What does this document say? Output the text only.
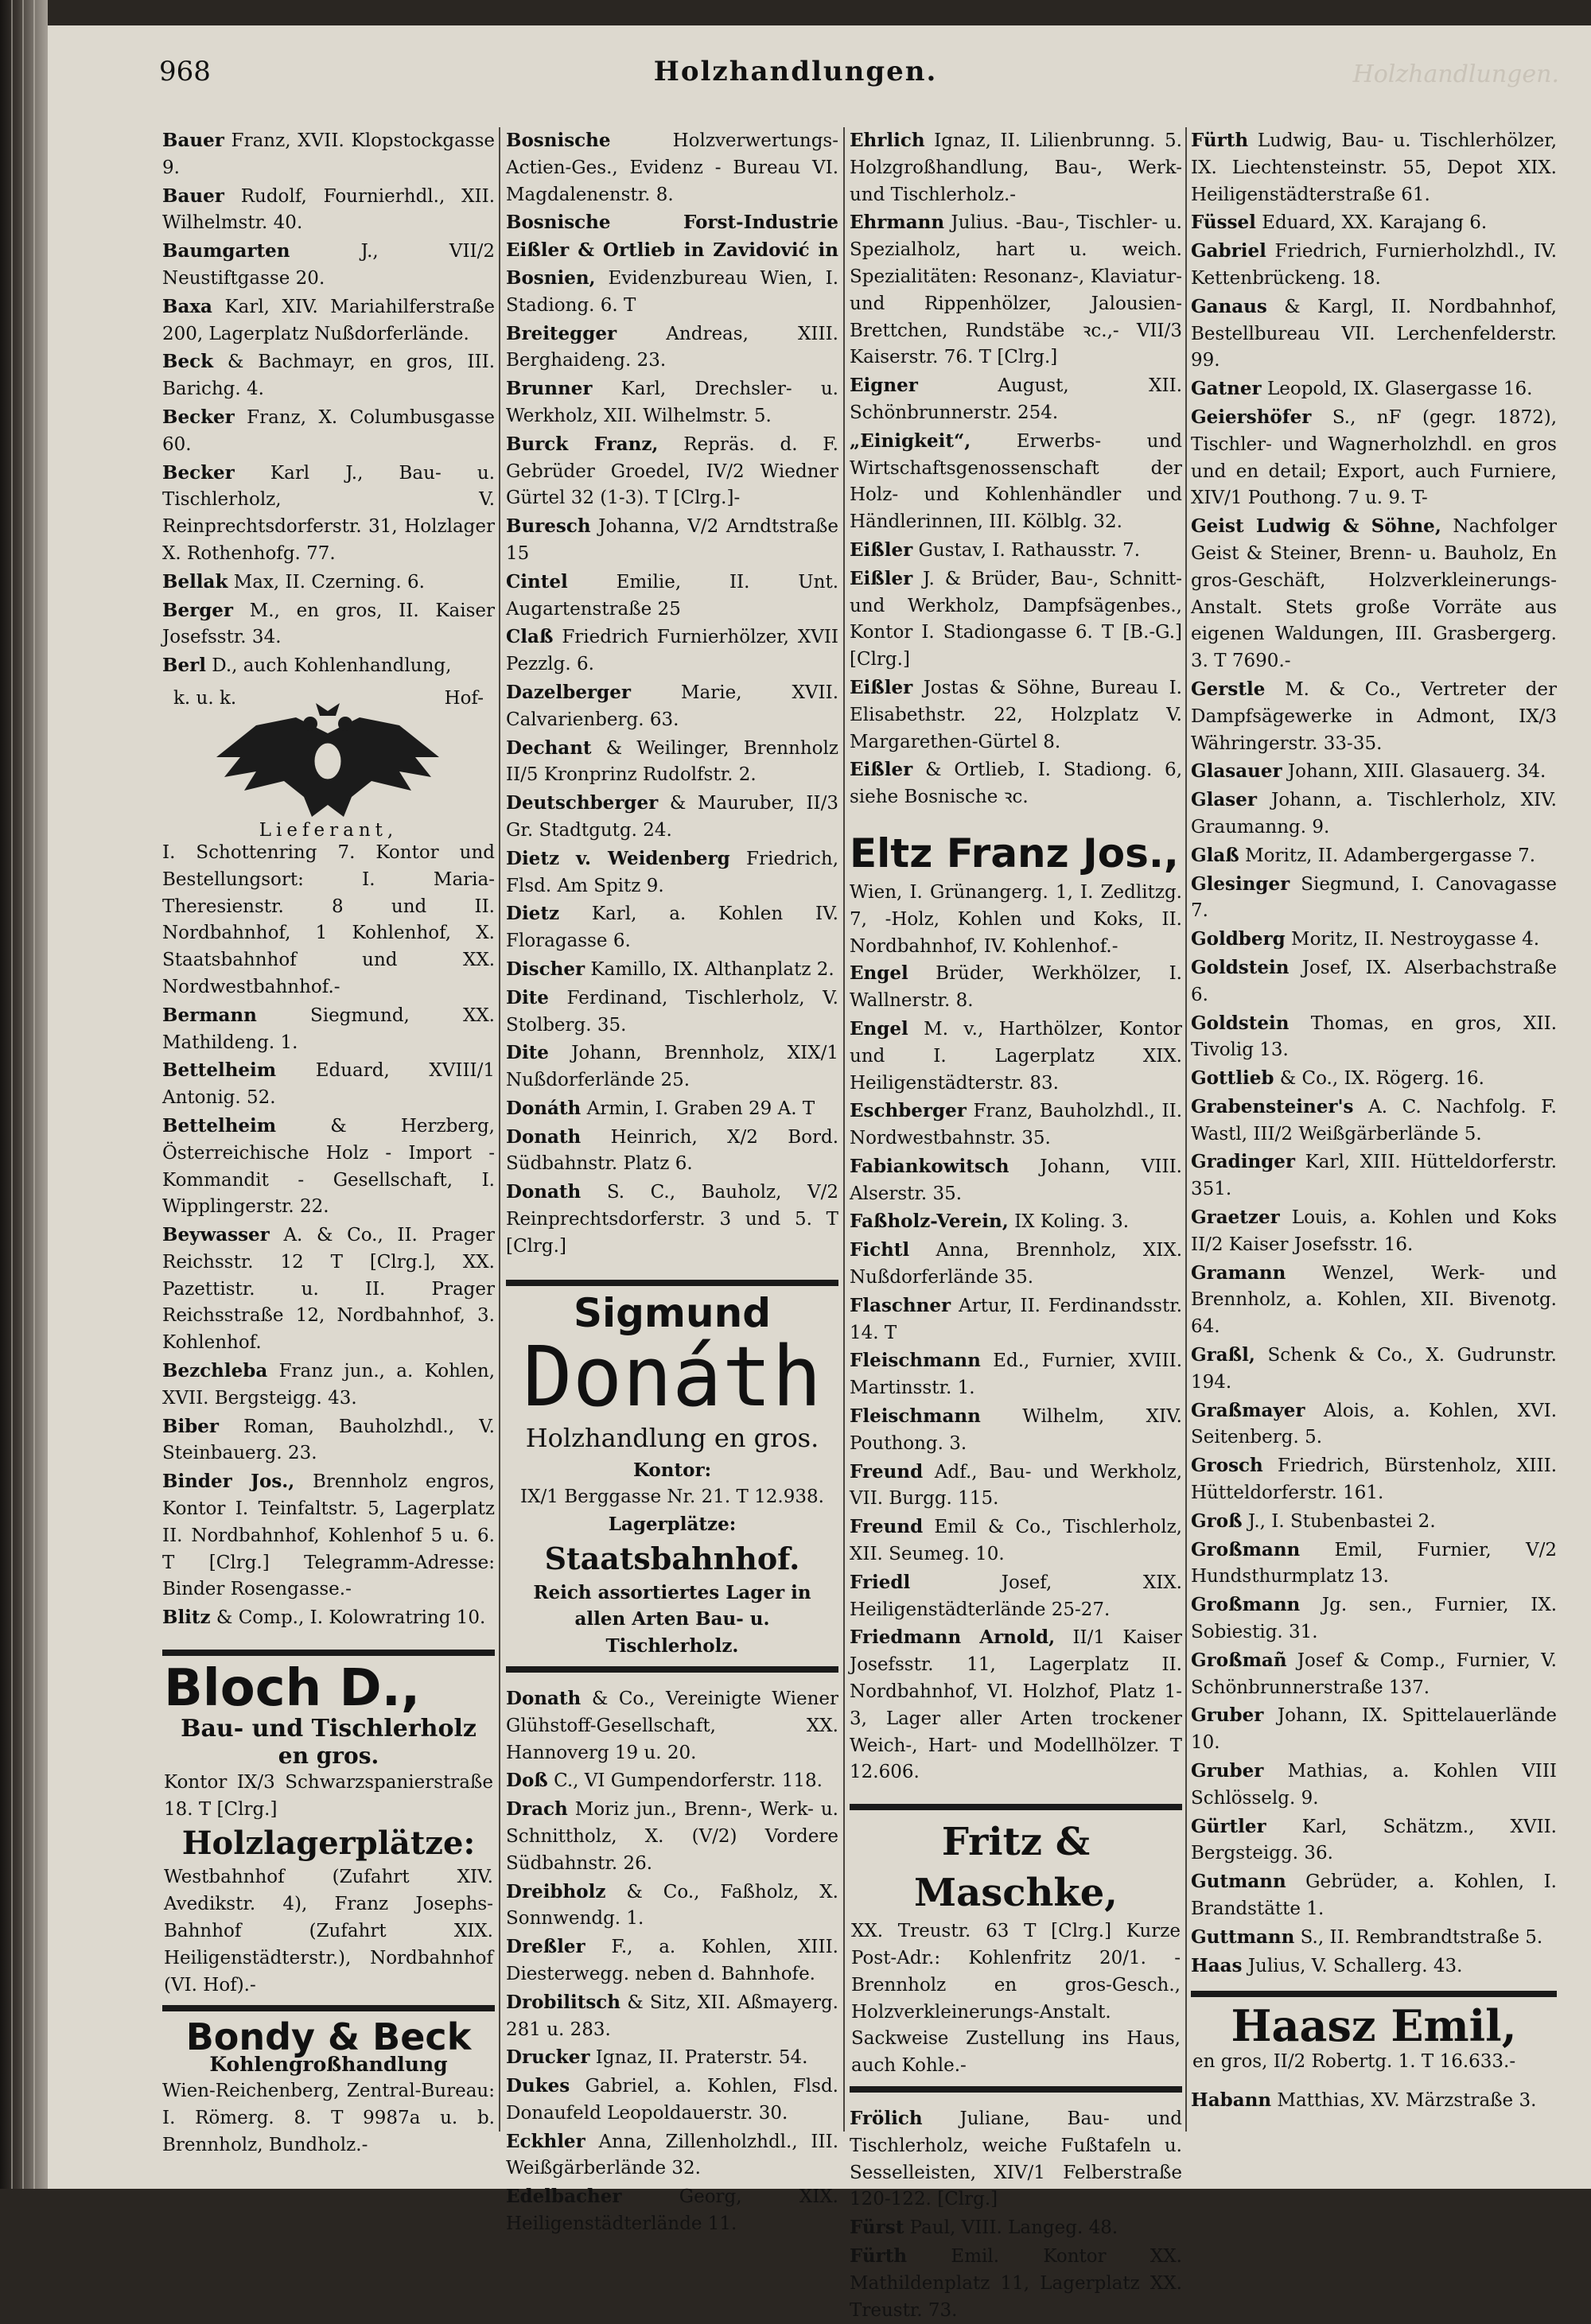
968	Holzhandlungen.	Holzhandlungen.
Bauer Franz, XVII. Klopstockgasse 9.
Bauer Rudolf, Fournierhdl., XII. Wilhelmstr. 40.
Baumgarten	J., VII/2 Neustiftgasse 20.
Baxa Karl, XIV. Mariahilferstraße 200, Lagerplatz Nußdorferlände.
Beck & Bachmayr, en gros, III. Barichg. 4.
Becker Franz, X. Columbusgasse 60.
Becker Karl J., Bau- u. Tischlerholz, V. Reinprechtsdorferstr. 31, Holzlager X. Rothenhofg. 77.
Bellak Max, II. Czerning. 6.
Berger M., en gros, II. Kaiser Josefsstr. 34.
Berl D., auch Kohlenhandlung,
k. u. k.	Hof-
Lieferant,
I. Schottenring 7. Kontor und Bestellungsort: I. Maria-Theresienstr. 8 und II. Nordbahnhof, 1 Kohlenhof, X. Staatsbahnhof und XX. Nordwestbahnhof.-
Bermann	Siegmund, XX. Mathildeng. 1.
Bettelheim Eduard, XVIII/1 Antonig. 52.
Bettelheim	& Herzberg, Österreichische Holz - Import - Kommandit - Gesellschaft, I. Wipplingerstr. 22.
Beywasser A. & Co., II. Prager Reichsstr. 12 T [Clrg.], XX. Pazettistr. u. II. Prager Reichsstraße 12, Nordbahnhof, 3. Kohlenhof.
Bezchleba Franz jun., a. Kohlen, XVII. Bergsteigg. 43.
Biber Roman, Bauholzhdl., V. Steinbauerg. 23.
Binder Jos., Brennholz engros, Kontor I. Teinfaltstr. 5, Lagerplatz II. Nordbahnhof, Kohlenhof 5 u. 6. T [Clrg.] Telegramm-Adresse: Binder Rosengasse.-
Blitz & Comp., I. Kolowratring 10.
Bloch D.,
Bau- und Tischlerholz
en gros.
Kontor IX/3 Schwarzspanierstraße 18. T [Clrg.]
Holzlagerplätze:
Westbahnhof (Zufahrt XIV. Avedikstr. 4), Franz Josephs-Bahnhof (Zufahrt XIX. Heiligenstädterstr.), Nordbahnhof (VI. Hof).-
Bondy & Beck
Kohlengroßhandlung
Wien-Reichenberg, Zentral-Bureau: I. Römerg. 8. T 9987a u. b. Brennholz, Bundholz.-
Bosnische	Holzverwertungs-Actien-Ges., Evidenz - Bureau VI. Magdalenenstr. 8.
Bosnische Forst-Industrie Eißler & Ortlieb in Zavidović in Bosnien, Evidenzbureau Wien, I. Stadiong. 6. T
Breitegger	Andreas, XIII. Berghaideng. 23.
Brunner Karl, Drechsler- u. Werkholz, XII. Wilhelmstr. 5.
Burck Franz, Repräs. d. F. Gebrüder Groedel, IV/2 Wiedner Gürtel 32 (1-3). T [Clrg.]-
Buresch Johanna, V/2 Arndtstraße 15
Cintel	Emilie, II. Unt. Augartenstraße 25
Claß Friedrich Furnierhölzer, XVII Pezzlg. 6.
Dazelberger	Marie, XVII. Calvarienberg. 63.
Dechant & Weilinger, Brennholz II/5 Kronprinz Rudolfstr. 2.
Deutschberger & Mauruber, II/3 Gr. Stadtgutg. 24.
Dietz v. Weidenberg Friedrich, Flsd. Am Spitz 9.
Dietz Karl, a. Kohlen IV. Floragasse 6.
Discher Kamillo, IX. Althanplatz 2.
Dite Ferdinand, Tischlerholz, V. Stolberg. 35.
Dite Johann, Brennholz, XIX/1 Nußdorferlände 25.
Donáth Armin, I. Graben 29 A. T
Donath Heinrich, X/2 Bord. Südbahnstr. Platz 6.
Donath S. C., Bauholz, V/2 Reinprechtsdorferstr. 3 und 5. T [Clrg.]
Sigmund
Donáth
Holzhandlung en gros.
Kontor:
IX/1 Berggasse Nr. 21. T 12.938.
Lagerplätze:
Staatsbahnhof.
Reich assortiertes Lager in allen Arten Bau- u. Tischlerholz.
Donath & Co., Vereinigte Wiener Glühstoff-Gesellschaft, XX. Hannoverg 19 u. 20.
Doß C., VI Gumpendorferstr. 118.
Drach Moriz jun., Brenn-, Werk- u. Schnittholz, X. (V/2) Vordere Südbahnstr. 26.
Dreibholz & Co., Faßholz, X. Sonnwendg. 1.
Dreßler F., a. Kohlen, XIII. Diesterwegg. neben d. Bahnhofe.
Drobilitsch & Sitz, XII. Aßmayerg. 281 u. 283.
Drucker Ignaz, II. Praterstr. 54.
Dukes Gabriel, a. Kohlen, Flsd. Donaufeld Leopoldauerstr. 30.
Eckhler Anna, Zillenholzhdl., III. Weißgärberlände 32.
Edelbacher	Georg, XIX. Heiligenstädterlände 11.
Ehrlich Ignaz, II. Lilienbrunng. 5. Holzgroßhandlung, Bau-, Werk- und Tischlerholz.-
Ehrmann Julius. -Bau-, Tischler- u. Spezialholz, hart u. weich. Spezialitäten: Resonanz-, Klaviatur- und Rippenhölzer, Jalousien-Brettchen, Rundstäbe ꝛc.,- VII/3 Kaiserstr. 76. T [Clrg.]
Eigner	August, XII. Schönbrunnerstr. 254.
„Einigkeit“,	Erwerbs- und Wirtschaftsgenossenschaft der Holz- und Kohlenhändler und Händlerinnen, III. Kölblg. 32.
Eißler Gustav, I. Rathausstr. 7.
Eißler J. & Brüder, Bau-, Schnitt- und Werkholz, Dampfsägenbes., Kontor I. Stadiongasse 6. T [B.-G.] [Clrg.]
Eißler Jostas & Söhne, Bureau I. Elisabethstr. 22, Holzplatz V. Margarethen-Gürtel 8.
Eißler & Ortlieb, I. Stadiong. 6, siehe Bosnische ꝛc.
Eltz Franz Jos.,
Wien, I. Grünangerg. 1, I. Zedlitzg. 7, -Holz, Kohlen und Koks, II. Nordbahnhof, IV. Kohlenhof.-
Engel Brüder, Werkhölzer, I. Wallnerstr. 8.
Engel M. v., Harthölzer, Kontor und I. Lagerplatz XIX. Heiligenstädterstr. 83.
Eschberger Franz, Bauholzhdl., II. Nordwestbahnstr. 35.
Fabiankowitsch Johann, VIII. Alserstr. 35.
Faßholz-Verein, IX Koling. 3.
Fichtl Anna, Brennholz, XIX. Nußdorferlände 35.
Flaschner Artur, II. Ferdinandsstr. 14. T
Fleischmann Ed., Furnier, XVIII. Martinsstr. 1.
Fleischmann Wilhelm, XIV. Pouthong. 3.
Freund Adf., Bau- und Werkholz, VII. Burgg. 115.
Freund Emil & Co., Tischlerholz, XII. Seumeg. 10.
Friedl	Josef, XIX. Heiligenstädterlände 25-27.
Friedmann Arnold, II/1 Kaiser Josefsstr. 11, Lagerplatz II. Nordbahnhof, VI. Holzhof, Platz 1-3, Lager aller Arten trockener Weich-, Hart- und Modellhölzer. T 12.606.
Fritz & Maschke,
XX. Treustr. 63 T [Clrg.] Kurze Post-Adr.: Kohlenfritz 20/1. -Brennholz en gros-Gesch., Holzverkleinerungs-Anstalt. Sackweise Zustellung ins Haus, auch Kohle.-
Frölich Juliane, Bau- und Tischlerholz, weiche Fußtafeln u. Sesselleisten, XIV/1 Felberstraße 120-122. [Clrg.]
Fürst Paul, VIII. Langeg. 48.
Fürth Emil. Kontor XX. Mathildenplatz 11, Lagerplatz XX. Treustr. 73.
Fürth Ludwig, Bau- u. Tischlerhölzer, IX. Liechtensteinstr. 55, Depot XIX. Heiligenstädterstraße 61.
Füssel Eduard, XX. Karajang 6.
Gabriel Friedrich, Furnierholzhdl., IV. Kettenbrückeng. 18.
Ganaus & Kargl, II. Nordbahnhof, Bestellbureau VII. Lerchenfelderstr. 99.
Gatner Leopold, IX. Glasergasse 16.
Geiershöfer S., nF (gegr. 1872), Tischler- und Wagnerholzhdl. en gros und en detail; Export, auch Furniere, XIV/1 Pouthong. 7 u. 9. T-
Geist Ludwig & Söhne, Nachfolger Geist & Steiner, Brenn- u. Bauholz, En gros-Geschäft, Holzverkleinerungs-Anstalt. Stets große Vorräte aus eigenen Waldungen, III. Grasbergerg. 3. T 7690.-
Gerstle M. & Co., Vertreter der Dampfsägewerke in Admont, IX/3 Währingerstr. 33-35.
Glasauer Johann, XIII. Glasauerg. 34.
Glaser Johann, a. Tischlerholz, XIV. Graumanng. 9.
Glaß Moritz, II. Adambergergasse 7.
Glesinger Siegmund, I. Canovagasse 7.
Goldberg Moritz, II. Nestroygasse 4.
Goldstein Josef, IX. Alserbachstraße 6.
Goldstein Thomas, en gros, XII. Tivolig 13.
Gottlieb & Co., IX. Rögerg. 16.
Grabensteiner's A. C. Nachfolg. F. Wastl, III/2 Weißgärberlände 5.
Gradinger Karl, XIII. Hütteldorferstr. 351.
Graetzer Louis, a. Kohlen und Koks II/2 Kaiser Josefsstr. 16.
Gramann Wenzel, Werk- und Brennholz, a. Kohlen, XII. Bivenotg. 64.
Graßl, Schenk & Co., X. Gudrunstr. 194.
Graßmayer Alois, a. Kohlen, XVI. Seitenberg. 5.
Grosch Friedrich, Bürstenholz, XIII. Hütteldorferstr. 161.
Groß J., I. Stubenbastei 2.
Großmann Emil, Furnier, V/2 Hundsthurmplatz 13.
Großmann Jg. sen., Furnier, IX. Sobiestig. 31.
Großmañ Josef & Comp., Furnier, V. Schönbrunnerstraße 137.
Gruber Johann, IX. Spittelauerlände 10.
Gruber Mathias, a. Kohlen VIII Schlösselg. 9.
Gürtler Karl, Schätzm., XVII. Bergsteigg. 36.
Gutmann Gebrüder, a. Kohlen, I. Brandstätte 1.
Guttmann S., II. Rembrandtstraße 5.
Haas Julius, V. Schallerg. 43.
Haasz Emil,
en gros, II/2 Robertg. 1. T 16.633.-
Habann Matthias, XV. Märzstraße 3.
